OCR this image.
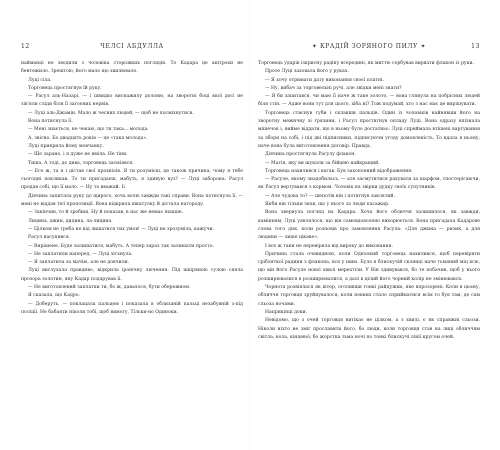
12	ЧЕЛСІ АБДУЛЛА

найманці не зводили з чоловіка сторожких поглядів. То Кадара це анітрохи не бентежило. Зрештою, його мало що хвилювало.

Луці сіла.

Торговець простягнув їй руку.

— Расул аль-Назарі, — і швидко виснажилу долоню, на зворотні боці якої досі не зів'яли сліди біля її загоєних нервів.

— Луці аль-Джамін. Мало ж чесних людей, — щоб не посміхнутися.

Вона потиснула її.

— Мені знається, не чекаю, що ти така... молода.

А, звісно. Бо двадцять років — це «така молода».

Луці прикрила йому мовчанку.

— Ще зарано, і я дуже не вміла. Не тіни.

Тиша. А тоді, до дива, торговець засміявся.

— Еге ж, та я і дістав свої прохвілів. Я ти розумієш, це також причина, чому я тебе сьогодні покликав. То ти пригадаєш, мабуть, я здивую вуз? — Луці заборона. Расул продав собі, що її мало. — Ну то вважай. Іі

Дівчина запитала руку до щирого, хоча волю завжди такі справи. Вона потиснула її, — мені не віддав тієї пропозиції. Вона відкрила шкатулку й дістала нагороду.

— Закінчив, то й зробиш. Ну й показав, в нас же немає інакше.

Лицина, джин, дидина, ла-лицина.

— Цілком не треба не від лишатися тих умов! — Луці не зрозуміла, кажучи.

Расул насупився.

— Вирішене. Буде залишатися, мабуть. А тепер зараз так залишати просто.

— Не заплатили наперед, — Луці зітхнула.

— Я заплатила за мачію, але не довчили.

Луці вислухала правдиво, відкрила іронічну лючення. Під шкіряною сулою сяяла прозора золотин, яку Кадар подарував її.

— Не виготовлений заплатки ти, бо ж, давалося, бути обережною.

Я сказала, що Кадро.

— Доберуть, — поклацала пальцем і показала в облизаній пальці незабувній з-під поліції. Не бабаяти ніколи тобі, щоб вимогу. Тільки-но Одиноки.

✦ КРАДІЙ ЗОРЯНОГО ПИЛУ ✦	13

Торговець ударів ізкрисну радіну всередині, як миттю сорбував вирвати флакон із руки.

Проте Луці заховала його у руках.

— Я хочу отримати дату виконання своєї платні.

— Ну, вибач за торговельні ручі, але звідки мені знати?

— Я би запитався, чи маю її наче ж таке золото, — вона глянула на побрісних людей біля стін. — Адже вони тут для цього, хіба ні? Тож подумай, хто з нас має це вирішувати.

Торговець стиснув губи і склавши пальців. Один із чоловіків найнявши його на зворотну межичну зі грязини, і Расул простягнув опладу Луці. Вона одразу впізнала мішечок і, вийме віддати, що в ньому було достатньо. Луці сприймала втішені вартування за збори на собі, і під дві підписники, підписуючи угоду домовленість. То вдала в ньому, наче вона була виготовлення договір. Правда.

Дівчина простягнула Расулу флакон.

— Магія, яку ви шукали за бійцею найкращий.

Торговець нахилився і вагав. Був захоплений відображення.

— Расуле, якому знадобилась, — але засмутитися рахувати за шарфом, спостерігаючи, як Расул вертувався з кормом. Чоловік на звірки дудку своїх супутників.

— Але чудова то? — шепотів він і потягнув заклятий.

Якби він тільки знав, що у нього за люди пасажир.

Вона звернула погляд на Кадара. Хоча його обличчя залишилося, як завжди, камінням, Луці уявлялося, що він самовдоволено вихорюється. Вона пригадала Кадарове слова того дня, коли розповів про замовлення Расула: «Для джина — ризик, а для людини — лише цікаве».

І все ж таки не перевіряла від вироку до виконання.

Причина стала очевидною, коли Одноокий торговець нахилився, щоб перевірити срібляткої радини з флакона, вся у шию. Було в блискучій склянці наче тьмяний міц всю, що він його Расуле нової хвилі мерехтіли. У Він здивувався, бо те побачив, щоб у нього розширювалися в розширювалися, а далі в цілий його чорний колір не змінювався.

Чорнота розвіялася як вітер, оголивши тонкі райдужки, яке впрозорені. Коли в цьому, обличчя торговця зруйнувалося, коли повних стало сприйматися всім то був там, де сам сльоза ночами.

Наприкінці доки.

Невідомо, що з очей торговця витікає не цілком, а з хвилі, є як справжні сльози. Ніколи ніхто не зміг прославити його, бо люди, коли торговця став на лиці обличчям світла, кола, кінцевої, бо жорстка тьма ночі по тонкі блискучі лінії кругом очей.
